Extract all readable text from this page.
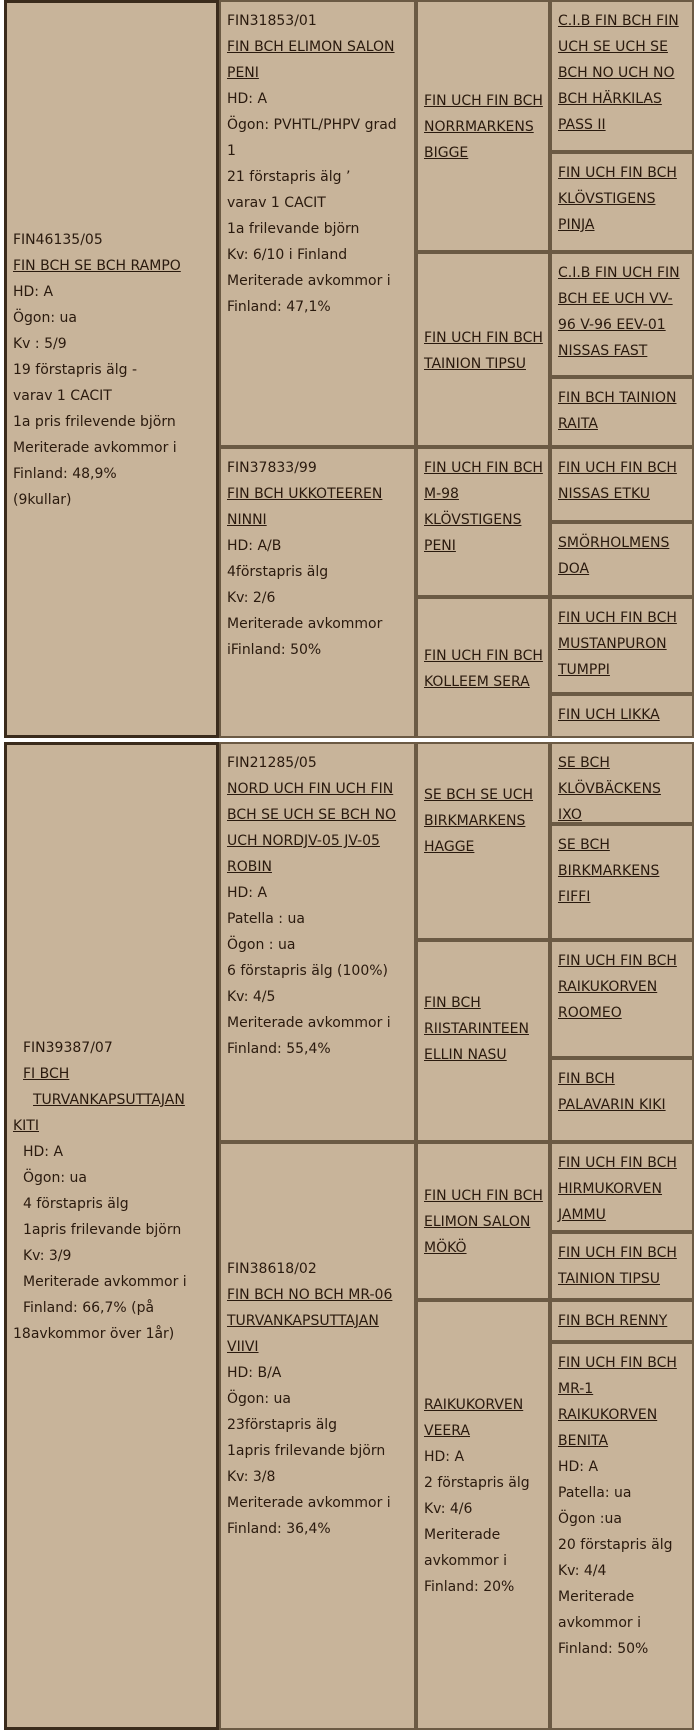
FIN46135/05

FIN BCH SE BCH RAMPO

HD: A

Ögon: ua

Kv : 5/9

19 förstapris älg -

varav 1 CACIT

1a pris frilevende björn

Meriterade avkommor i

Finland: 48,9%

(9kullar)

FIN31853/01

FIN BCH ELIMON SALON PENI

HD: A

Ögon: PVHTL/PHPV grad 1

21 förstapris älg ’

varav 1 CACIT

1a frilevande björn

Kv: 6/10 i Finland

Meriterade avkommor i Finland: 47,1%

FIN37833/99

FIN BCH UKKOTEEREN NINNI

HD: A/B

4förstapris älg

Kv: 2/6

Meriterade avkommor iFinland: 50%

FIN UCH FIN BCH NORRMARKENS BIGGE
FIN UCH FIN BCH TAINION TIPSU
FIN UCH FIN BCH M-98 KLÖVSTIGENS PENI
FIN UCH FIN BCH KOLLEEM SERA
C.I.B FIN BCH FIN UCH SE UCH SE BCH NO UCH NO BCH HÄRKILAS PASS II
FIN UCH FIN BCH KLÖVSTIGENS PINJA
C.I.B FIN UCH FIN BCH EE UCH VV-96 V-96 EEV-01 NISSAS FAST
FIN BCH TAINION RAITA
FIN UCH FIN BCH NISSAS ETKU
SMÖRHOLMENS DOA
FIN UCH FIN BCH MUSTANPURON TUMPPI
FIN UCH LIKKA

FIN39387/07

FI BCH
TURVANKAPSUTTAJAN
KITI

HD: A

Ögon: ua

4 förstapris älg

1apris frilevande björn

Kv: 3/9

Meriterade avkommor i

Finland: 66,7% (på

18avkommor över 1år)

FIN21285/05

NORD UCH FIN UCH FIN BCH SE UCH SE BCH NO UCH NORDJV-05 JV-05 ROBIN

HD: A

Patella : ua

Ögon : ua

6 förstapris älg (100%)

Kv: 4/5

Meriterade avkommor i Finland: 55,4%

FIN38618/02

FIN BCH NO BCH MR-06 TURVANKAPSUTTAJAN VIIVI

HD: B/A

Ögon: ua

23förstapris älg

1apris frilevande björn

Kv: 3/8

Meriterade avkommor i Finland: 36,4%

SE BCH SE UCH BIRKMARKENS HAGGE
FIN BCH RIISTARINTEEN ELLIN NASU
FIN UCH FIN BCH ELIMON SALON MÖKÖ
RAIKUKORVEN VEERA

HD: A

2 förstapris älg

Kv: 4/6

Meriterade avkommor i Finland: 20%

SE BCH KLÖVBÄCKENS IXO
SE BCH BIRKMARKENS FIFFI
FIN UCH FIN BCH RAIKUKORVEN ROOMEO
FIN BCH PALAVARIN KIKI
FIN UCH FIN BCH HIRMUKORVEN JAMMU
FIN UCH FIN BCH TAINION TIPSU
FIN BCH RENNY
FIN UCH FIN BCH MR-1 RAIKUKORVEN BENITA

HD: A

Patella: ua

Ögon :ua

20 förstapris älg

Kv: 4/4

Meriterade avkommor i Finland: 50%
